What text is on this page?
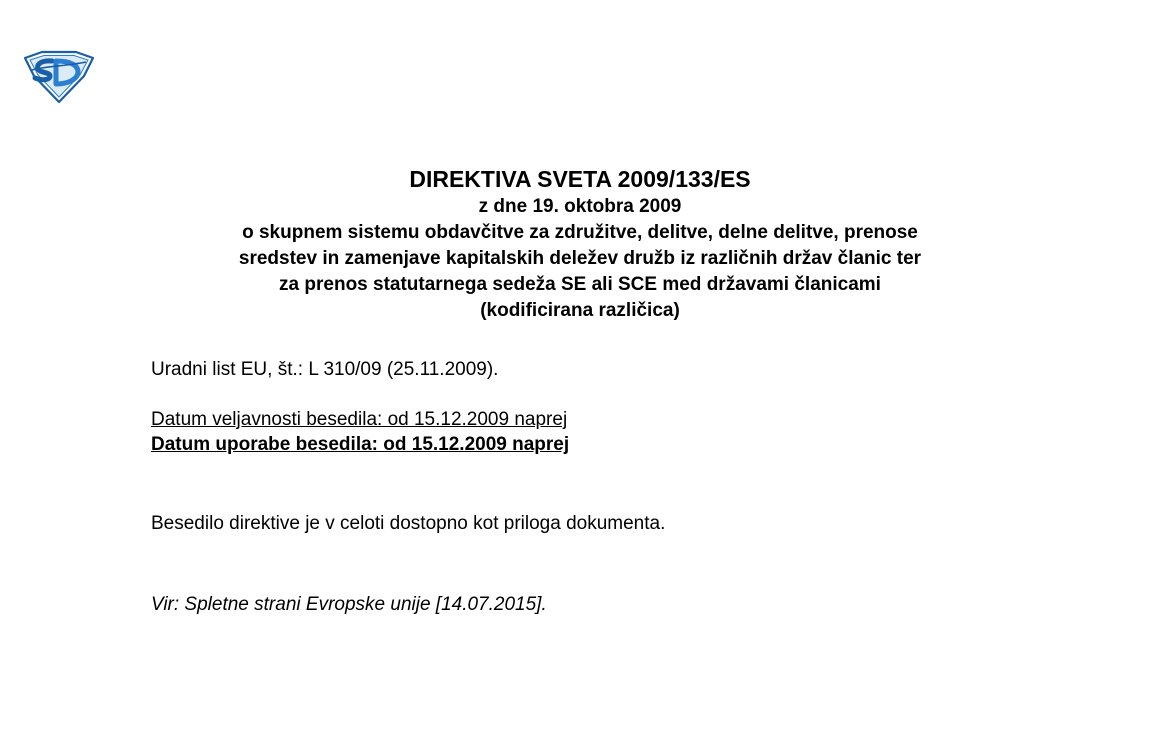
DIREKTIVA SVETA 2009/133/ES

z dne 19. oktobra 2009

o skupnem sistemu obdavčitve za združitve, delitve, delne delitve, prenose

sredstev in zamenjave kapitalskih deležev družb iz različnih držav članic ter

za prenos statutarnega sedeža SE ali SCE med državami članicami

(kodificirana različica)

Uradni list EU, št.: L 310/09 (25.11.2009).

Datum veljavnosti besedila: od 15.12.2009 naprej

Datum uporabe besedila: od 15.12.2009 naprej

Besedilo direktive je v celoti dostopno kot priloga dokumenta.

Vir: Spletne strani Evropske unije [14.07.2015].
